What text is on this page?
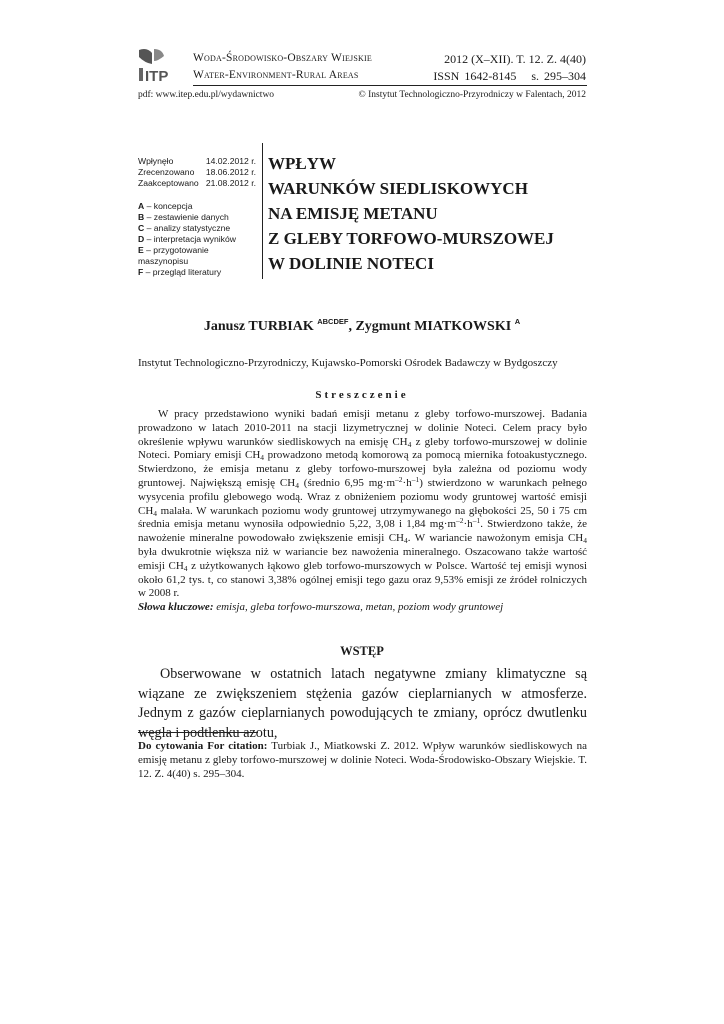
ITP
Woda-Środowisko-Obszary Wiejskie
Water-Environment-Rural Areas
2012 (X–XII). T. 12. Z. 4(40)
ISSN 1642-8145 s. 295–304
pdf: www.itep.edu.pl/wydawnictwo	© Instytut Technologiczno-Przyrodniczy w Falentach, 2012
Wpłynęło	14.02.2012 r.
Zrecenzowano 18.06.2012 r.
Zaakceptowano 21.08.2012 r.
A – koncepcja
B – zestawienie danych
C – analizy statystyczne
D – interpretacja wyników
E – przygotowanie maszynopisu
F – przegląd literatury
WPŁYW
WARUNKÓW SIEDLISKOWYCH
NA EMISJĘ METANU
Z GLEBY TORFOWO-MURSZOWEJ
W DOLINIE NOTECI
Janusz TURBIAK $^{ABCDEF}$, Zygmunt MIATKOWSKI $^A$
Instytut Technologiczno-Przyrodniczy, Kujawsko-Pomorski Ośrodek Badawczy w Bydgoszczy
Streszczenie

W pracy przedstawiono wyniki badań emisji metanu z gleby torfowo-murszowej. Badania prowadzono w latach 2010-2011 na stacji lizymetrycznej w dolinie Noteci. Celem pracy było określenie wpływu warunków siedliskowych na emisję $CH_4$ z gleby torfowo-murszowej w dolinie Noteci. Pomiary emisji $CH_4$ prowadzono metodą komorową za pomocą miernika fotoakustycznego. Stwierdzono, że emisja metanu z gleby torfowo-murszowej była zależna od poziomu wody gruntowej. Największą emisję $CH_4$ (średnio 6,95 $mg\cdot m^{-2}\cdot h^{-1}$) stwierdzono w warunkach pełnego wysycenia profilu glebowego wodą. Wraz z obniżeniem poziomu wody gruntowej wartość emisji $CH_4$ malała. W warunkach poziomu wody gruntowej utrzymywanego na głębokości 25, 50 i 75 cm średnia emisja metanu wynosiła odpowiednio 5,22, 3,08 i 1,84 $mg\cdot m^{-2}\cdot h^{-1}$. Stwierdzono także, że nawożenie mineralne powodowało zwiększenie emisji $CH_4$. W wariancie nawożonym emisja $CH_4$ była dwukrotnie większa niż w wariancie bez nawożenia mineralnego. Oszacowano także wartość emisji $CH_4$ z użytkowanych łąkowo gleb torfowo-murszowych w Polsce. Wartość tej emisji wynosi około 61,2 tys. t, co stanowi 3,38% ogólnej emisji tego gazu oraz 9,53% emisji ze źródeł rolniczych w 2008 r.

Słowa kluczowe: emisja, gleba torfowo-murszowa, metan, poziom wody gruntowej
WSTĘP

Obserwowane w ostatnich latach negatywne zmiany klimatyczne są wiązane ze zwiększeniem stężenia gazów cieplarnianych w atmosferze. Jednym z gazów cieplarnianych powodujących te zmiany, oprócz dwutlenku węgla i podtlenku azotu,

Do cytowania For citation: Turbiak J., Miatkowski Z. 2012. Wpływ warunków siedliskowych na emisję metanu z gleby torfowo-murszowej w dolinie Noteci. Woda-Środowisko-Obszary Wiejskie. T. 12. Z. 4(40) s. 295–304.
